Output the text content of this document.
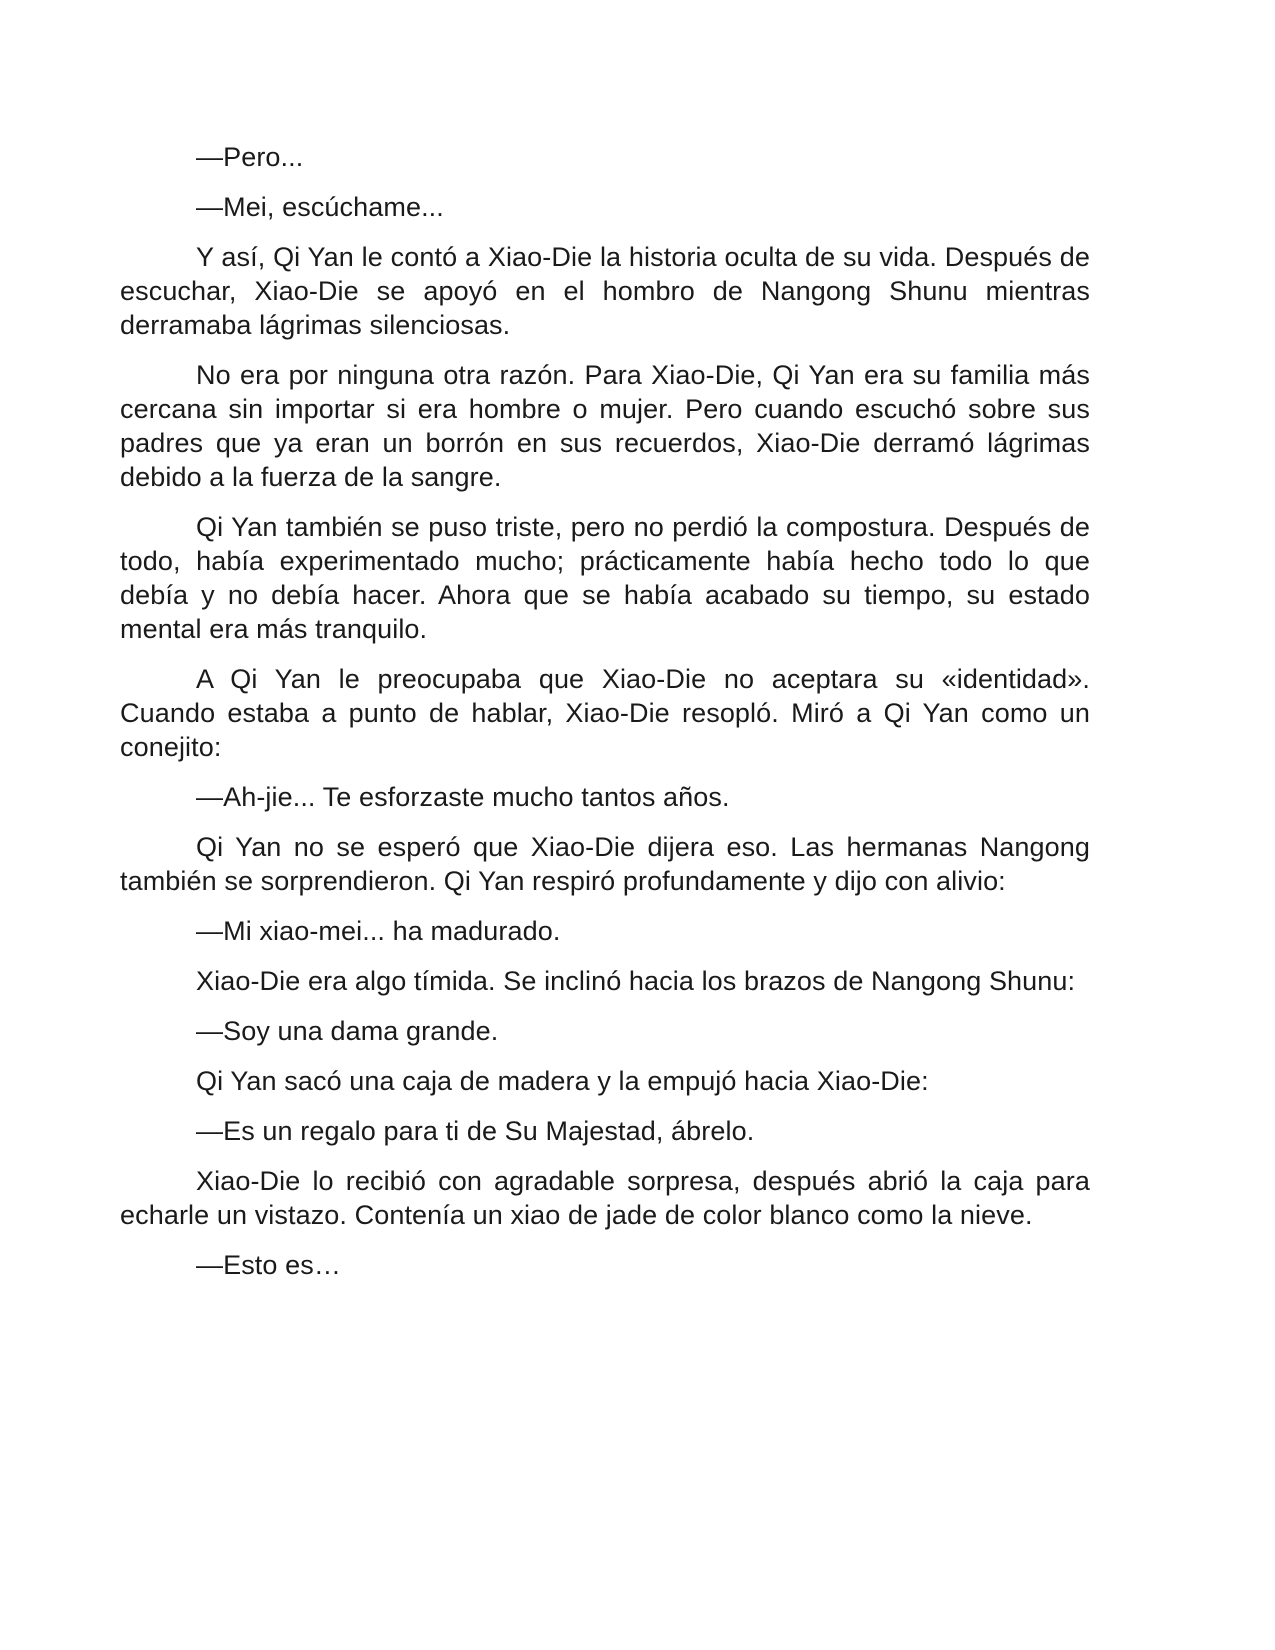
—Pero...

—Mei, escúchame...

Y así, Qi Yan le contó a Xiao-Die la historia oculta de su vida. Después de escuchar, Xiao-Die se apoyó en el hombro de Nangong Shunu mientras derramaba lágrimas silenciosas.

No era por ninguna otra razón. Para Xiao-Die, Qi Yan era su familia más cercana sin importar si era hombre o mujer. Pero cuando escuchó sobre sus padres que ya eran un borrón en sus recuerdos, Xiao-Die derramó lágrimas debido a la fuerza de la sangre.

Qi Yan también se puso triste, pero no perdió la compostura. Después de todo, había experimentado mucho; prácticamente había hecho todo lo que debía y no debía hacer. Ahora que se había acabado su tiempo, su estado mental era más tranquilo.

A Qi Yan le preocupaba que Xiao-Die no aceptara su «identidad». Cuando estaba a punto de hablar, Xiao-Die resopló. Miró a Qi Yan como un conejito:

—Ah-jie... Te esforzaste mucho tantos años.

Qi Yan no se esperó que Xiao-Die dijera eso. Las hermanas Nangong también se sorprendieron. Qi Yan respiró profundamente y dijo con alivio:

—Mi xiao-mei... ha madurado.

Xiao-Die era algo tímida. Se inclinó hacia los brazos de Nangong Shunu:

—Soy una dama grande.

Qi Yan sacó una caja de madera y la empujó hacia Xiao-Die:

—Es un regalo para ti de Su Majestad, ábrelo.

Xiao-Die lo recibió con agradable sorpresa, después abrió la caja para echarle un vistazo. Contenía un xiao de jade de color blanco como la nieve.

—Esto es…
